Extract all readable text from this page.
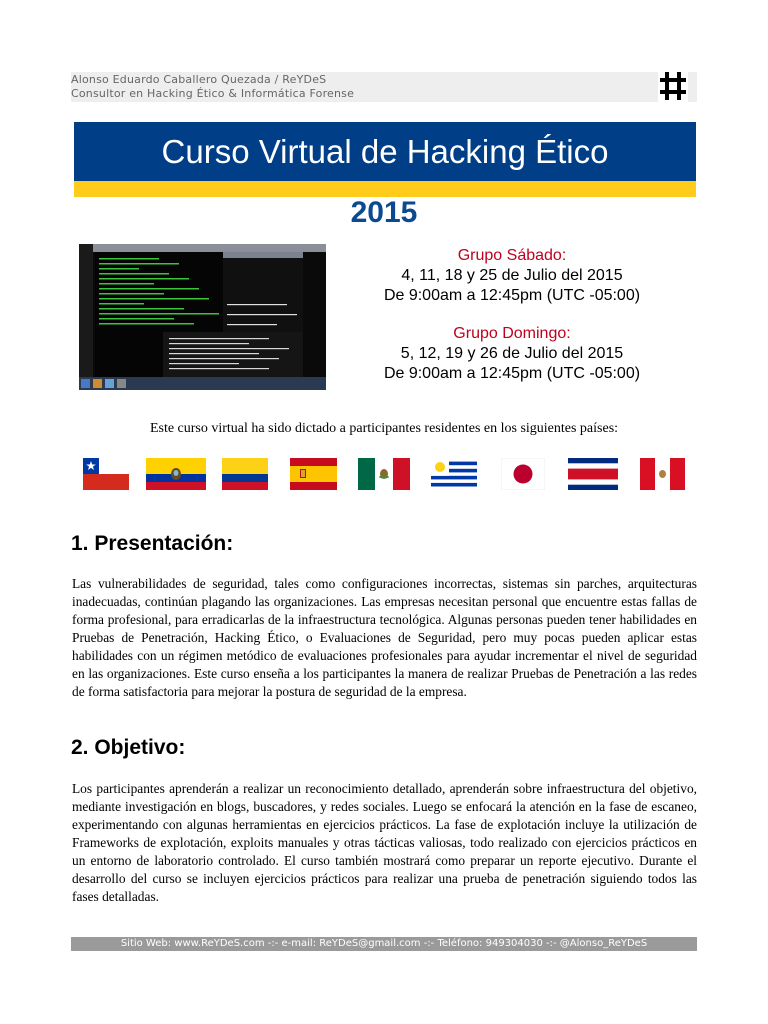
Alonso Eduardo Caballero Quezada / ReYDeS
Consultor en Hacking Ético & Informática Forense
Curso Virtual de Hacking Ético
2015
Grupo Sábado:
4, 11, 18 y 25 de Julio del 2015
De 9:00am a 12:45pm (UTC -05:00)
Grupo Domingo:
5, 12, 19 y 26 de Julio del 2015
De 9:00am a 12:45pm (UTC -05:00)
Este curso virtual ha sido dictado a participantes residentes en los siguientes países:
1. Presentación:

Las vulnerabilidades de seguridad, tales como configuraciones incorrectas, sistemas sin parches, arquitecturas inadecuadas, continúan plagando las organizaciones. Las empresas necesitan personal que encuentre estas fallas de forma profesional, para erradicarlas de la infraestructura tecnológica. Algunas personas pueden tener habilidades en Pruebas de Penetración, Hacking Ético, o Evaluaciones de Seguridad, pero muy pocas pueden aplicar estas habilidades con un régimen metódico de evaluaciones profesionales para ayudar incrementar el nivel de seguridad en las organizaciones. Este curso enseña a los participantes la manera de realizar Pruebas de Penetración a las redes de forma satisfactoria para mejorar la postura de seguridad de la empresa.

2. Objetivo:

Los participantes aprenderán a realizar un reconocimiento detallado, aprenderán sobre infraestructura del objetivo, mediante investigación en blogs, buscadores, y redes sociales. Luego se enfocará la atención en la fase de escaneo, experimentando con algunas herramientas en ejercicios prácticos. La fase de explotación incluye la utilización de Frameworks de explotación, exploits manuales y otras tácticas valiosas, todo realizado con ejercicios prácticos en un entorno de laboratorio controlado. El curso también mostrará como preparar un reporte ejecutivo. Durante el desarrollo del curso se incluyen ejercicios prácticos para realizar una prueba de penetración siguiendo todos las fases detalladas.

Sitio Web: www.ReYDeS.com -:- e-mail: ReYDeS@gmail.com -:- Teléfono: 949304030 -:- @Alonso_ReYDeS
